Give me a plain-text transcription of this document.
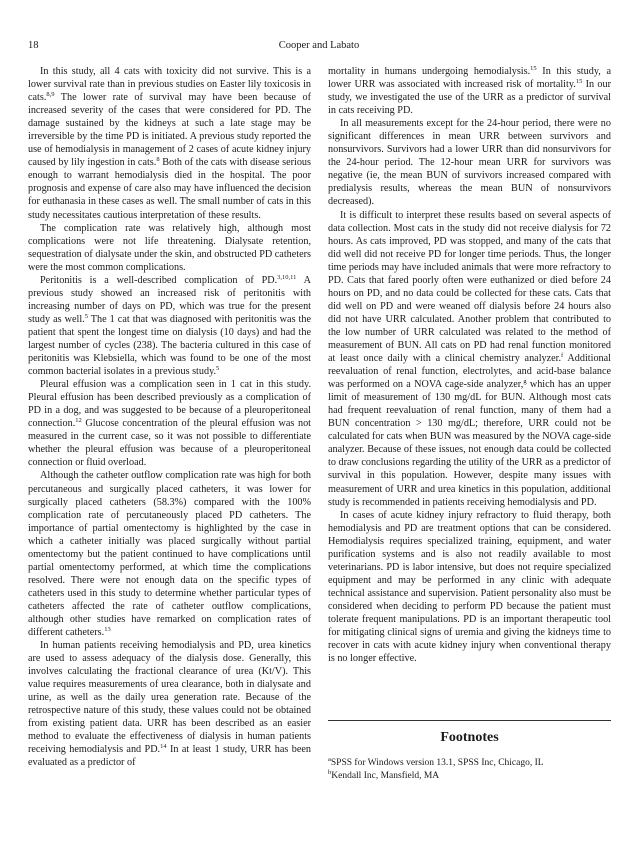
18	Cooper and Labato

In this study, all 4 cats with toxicity did not survive. This is a lower survival rate than in previous studies on Easter lily toxicosis in cats.$^{8,9}$ The lower rate of survival may have been because of increased severity of the cases that were considered for PD. The damage sustained by the kidneys at such a late stage may be irreversible by the time PD is initiated. A previous study reported the use of hemodialysis in management of 2 cases of acute kidney injury caused by lily ingestion in cats.$^8$ Both of the cats with disease serious enough to warrant hemodialysis died in the hospital. The poor prognosis and expense of care also may have influenced the decision for euthanasia in these cases as well. The small number of cats in this study necessitates cautious interpretation of these results.

The complication rate was relatively high, although most complications were not life threatening. Dialysate retention, sequestration of dialysate under the skin, and obstructed PD catheters were the most common complications.

Peritonitis is a well-described complication of PD.$^{3,10,11}$ A previous study showed an increased risk of peritonitis with increasing number of days on PD, which was true for the present study as well.$^5$ The 1 cat that was diagnosed with peritonitis was the patient that spent the longest time on dialysis (10 days) and had the largest number of cycles (238). The bacteria cultured in this case of peritonitis was Klebsiella, which was found to be one of the most common bacterial isolates in a previous study.$^5$

Pleural effusion was a complication seen in 1 cat in this study. Pleural effusion has been described previously as a complication of PD in a dog, and was suggested to be because of a pleuroperitoneal connection.$^{12}$ Glucose concentration of the pleural effusion was not measured in the current case, so it was not possible to differentiate whether the pleural effusion was because of a pleuroperitoneal connection or fluid overload.

Although the catheter outflow complication rate was high for both percutaneous and surgically placed catheters, it was lower for surgically placed catheters (58.3%) compared with the 100% complication rate of percutaneously placed PD catheters. The importance of partial omentectomy is highlighted by the case in which a catheter initially was placed surgically without partial omentectomy but the patient continued to have complications until partial omentectomy performed, at which time the complications resolved. There were not enough data on the specific types of catheters used in this study to determine whether particular types of catheters affected the rate of catheter outflow complications, although other studies have remarked on complication rates of different catheters.$^{13}$

In human patients receiving hemodialysis and PD, urea kinetics are used to assess adequacy of the dialysis dose. Generally, this involves calculating the fractional clearance of urea (Kt/V). This value requires measurements of urea clearance, both in dialysate and urine, as well as the daily urea generation rate. Because of the retrospective nature of this study, these values could not be obtained from existing patient data. URR has been described as an easier method to evaluate the effectiveness of dialysis in human patients receiving hemodialysis and PD.$^{14}$ In at least 1 study, URR has been evaluated as a predictor of

mortality in humans undergoing hemodialysis.$^{15}$ In this study, a lower URR was associated with increased risk of mortality.$^{15}$ In our study, we investigated the use of the URR as a predictor of survival in cats receiving PD.

In all measurements except for the 24-hour period, there were no significant differences in mean URR between survivors and nonsurvivors. Survivors had a lower URR than did nonsurvivors for the 24-hour period. The 12-hour mean URR for survivors was negative (ie, the mean BUN of survivors increased compared with predialysis results, whereas the mean BUN of nonsurvivors decreased).

It is difficult to interpret these results based on several aspects of data collection. Most cats in the study did not receive dialysis for 72 hours. As cats improved, PD was stopped, and many of the cats that did well did not receive PD for longer time periods. Thus, the longer time periods may have included animals that were more refractory to PD. Cats that fared poorly often were euthanized or died before 24 hours on PD, and no data could be collected for these cats. Cats that did well on PD and were weaned off dialysis before 24 hours also did not have URR calculated. Another problem that contributed to the low number of URR calculated was related to the method of measurement of BUN. All cats on PD had renal function monitored at least once daily with a clinical chemistry analyzer.$^f$ Additional reevaluation of renal function, electrolytes, and acid-base balance was performed on a NOVA cage-side analyzer,$^g$ which has an upper limit of measurement of 130 mg/dL for BUN. Although most cats had frequent reevaluation of renal function, many of them had a BUN concentration > 130 mg/dL; therefore, URR could not be calculated for cats when BUN was measured by the NOVA cage-side analyzer. Because of these issues, not enough data could be collected to draw conclusions regarding the utility of the URR as a predictor of survival in this population. However, despite many issues with measurement of URR and urea kinetics in this population, additional study is recommended in patients receiving hemodialysis and PD.

In cases of acute kidney injury refractory to fluid therapy, both hemodialysis and PD are treatment options that can be considered. Hemodialysis requires specialized training, equipment, and water purification systems and is also not readily available to most veterinarians. PD is labor intensive, but does not require specialized equipment and may be performed in any clinic with adequate technical assistance and supervision. Patient personality also must be considered when deciding to perform PD because the patient must tolerate frequent manipulations. PD is an important therapeutic tool for mitigating clinical signs of uremia and giving the kidneys time to recover in cats with acute kidney injury when conventional therapy is no longer effective.

Footnotes
$^a$SPSS for Windows version 13.1, SPSS Inc, Chicago, IL
$^b$Kendall Inc, Mansfield, MA
